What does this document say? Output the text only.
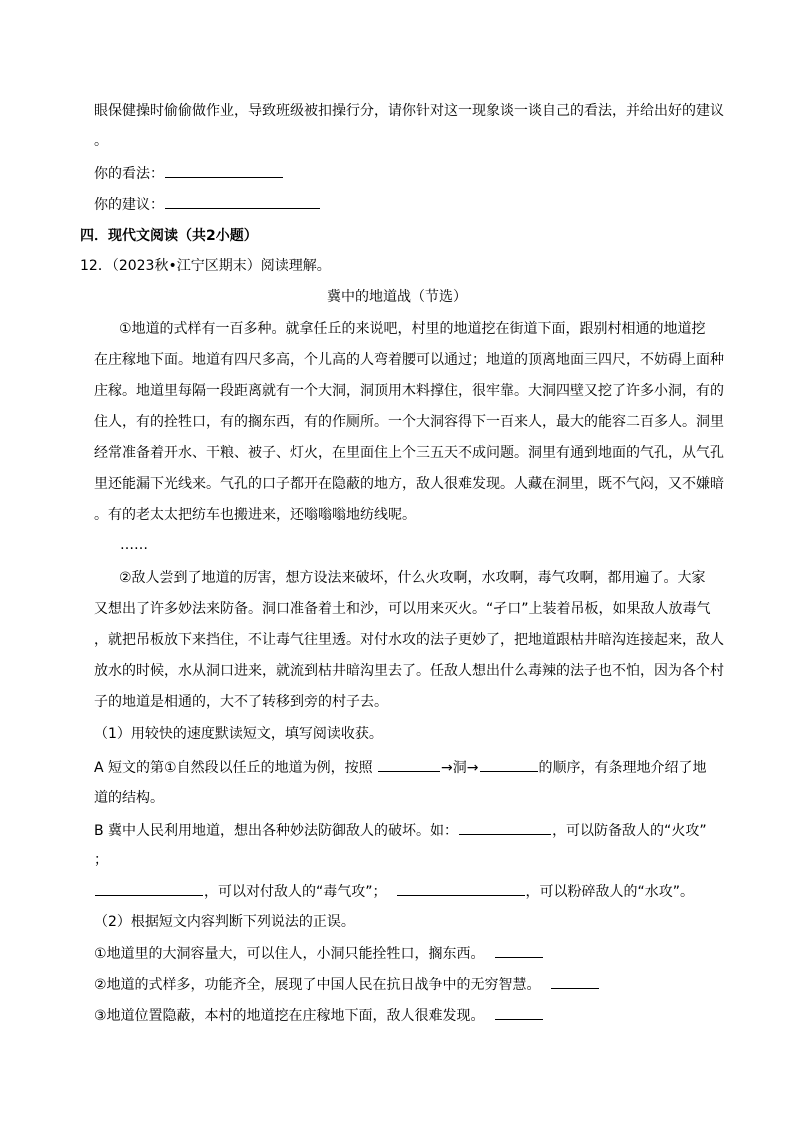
眼保健操时偷偷做作业，导致班级被扣操行分，请你针对这一现象谈一谈自己的看法，并给出好的建议
。
你的看法：
你的建议：
四．现代文阅读（共2小题）
12．（2023秋•江宁区期末）阅读理解。
冀中的地道战（节选）
①地道的式样有一百多种。就拿任丘的来说吧，村里的地道挖在街道下面，跟别村相通的地道挖
在庄稼地下面。地道有四尺多高，个儿高的人弯着腰可以通过；地道的顶离地面三四尺，不妨碍上面种
庄稼。地道里每隔一段距离就有一个大洞，洞顶用木料撑住，很牢靠。大洞四壁又挖了许多小洞，有的
住人，有的拴牲口，有的搁东西，有的作厕所。一个大洞容得下一百来人，最大的能容二百多人。洞里
经常准备着开水、干粮、被子、灯火，在里面住上个三五天不成问题。洞里有通到地面的气孔，从气孔
里还能漏下光线来。气孔的口子都开在隐蔽的地方，敌人很难发现。人藏在洞里，既不气闷，又不嫌暗
。有的老太太把纺车也搬进来，还嗡嗡嗡地纺线呢。
……
②敌人尝到了地道的厉害，想方设法来破坏，什么火攻啊，水攻啊，毒气攻啊，都用遍了。大家
又想出了许多妙法来防备。洞口准备着土和沙，可以用来灭火。“孑口”上装着吊板，如果敌人放毒气
，就把吊板放下来挡住，不让毒气往里透。对付水攻的法子更妙了，把地道跟枯井暗沟连接起来，敌人
放水的时候，水从洞口进来，就流到枯井暗沟里去了。任敌人想出什么毒辣的法子也不怕，因为各个村
子的地道是相通的，大不了转移到旁的村子去。
（1）用较快的速度默读短文，填写阅读收获。
A 短文的第①自然段以任丘的地道为例，按照	→洞→	的顺序，有条理地介绍了地
道的结构。
B 冀中人民利用地道，想出各种妙法防御敌人的破坏。如：	，可以防备敌人的“火攻”
；
，可以对付敌人的“毒气攻”；	，可以粉碎敌人的“水攻”。
（2）根据短文内容判断下列说法的正误。
①地道里的大洞容量大，可以住人，小洞只能拴牲口，搁东西。
②地道的式样多，功能齐全，展现了中国人民在抗日战争中的无穷智慧。
③地道位置隐蔽，本村的地道挖在庄稼地下面，敌人很难发现。
